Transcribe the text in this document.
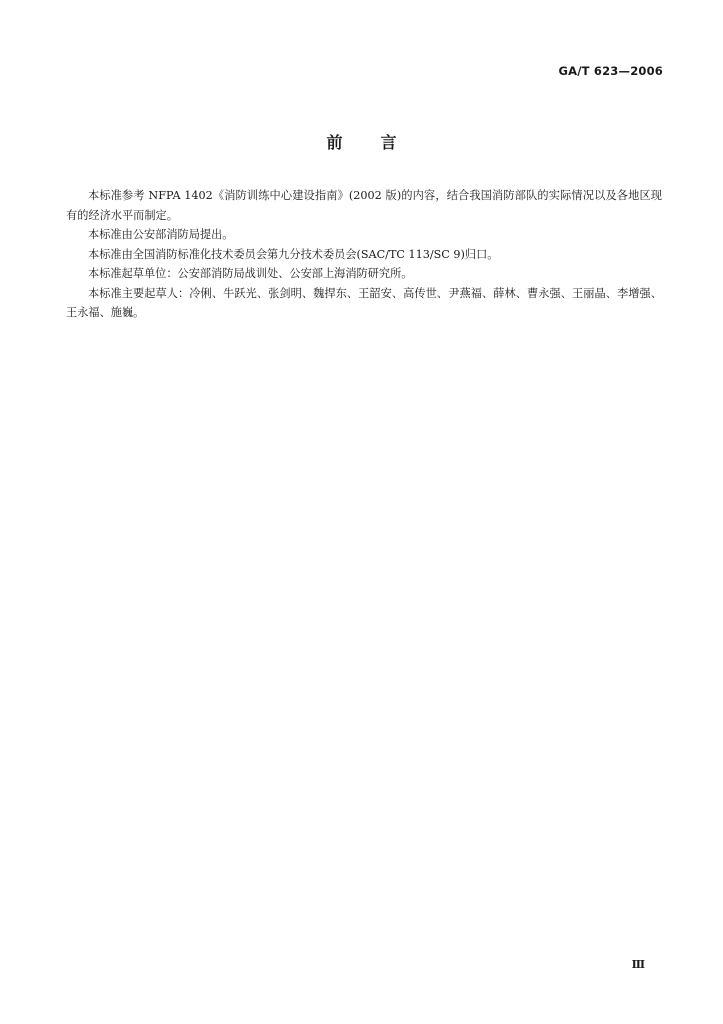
GA/T 623—2006
前言

本标准参考 NFPA 1402《消防训练中心建设指南》(2002 版)的内容，结合我国消防部队的实际情况以及各地区现有的经济水平而制定。

本标准由公安部消防局提出。

本标准由全国消防标准化技术委员会第九分技术委员会(SAC/TC 113/SC 9)归口。

本标准起草单位：公安部消防局战训处、公安部上海消防研究所。

本标准主要起草人：冷俐、牛跃光、张剑明、魏捍东、王韶安、高传世、尹燕福、薛林、曹永强、王丽晶、李增强、王永福、施巍。

Ⅲ
